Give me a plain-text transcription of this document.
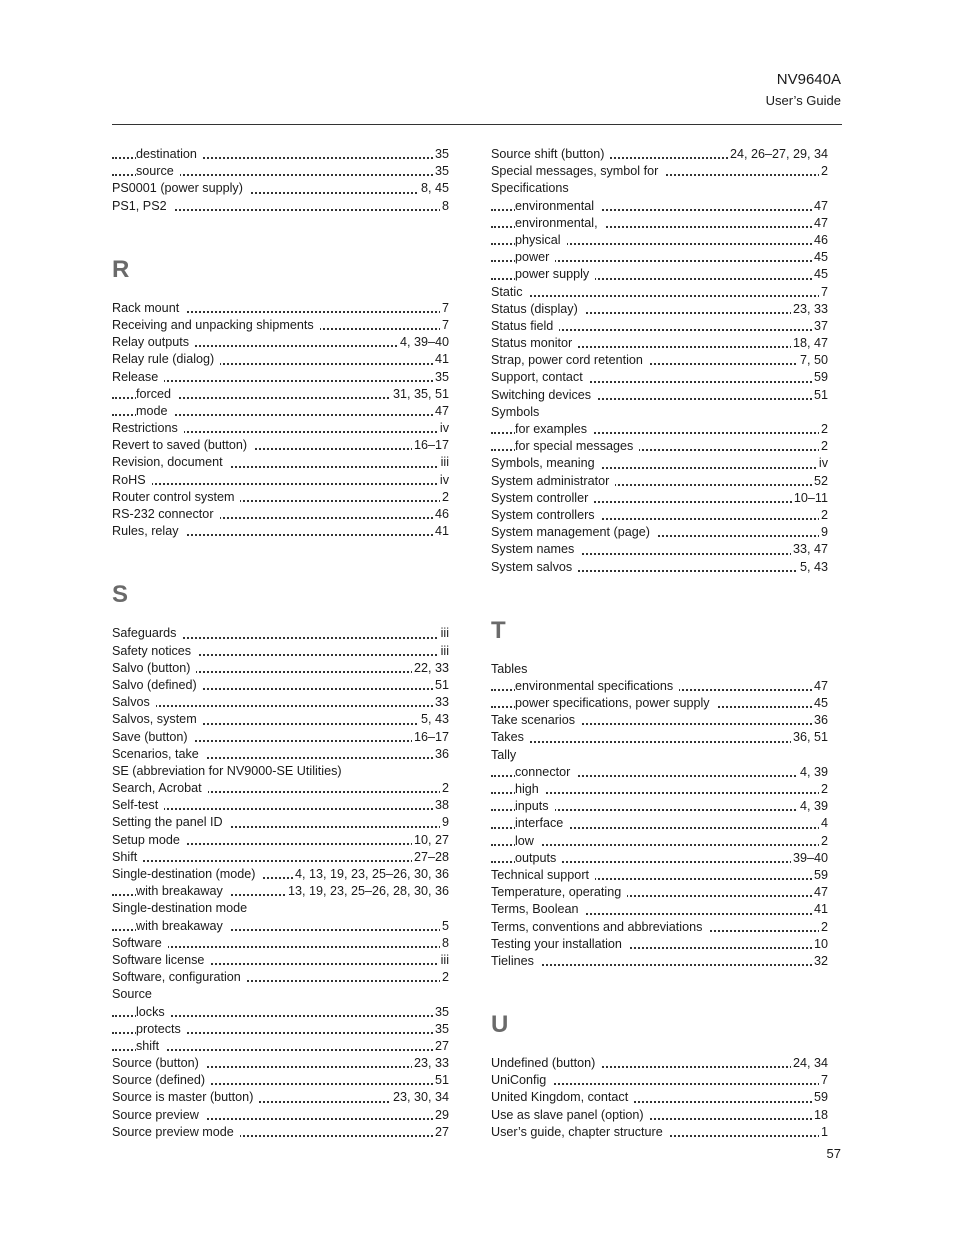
NV9640A
User’s Guide
destination	35
source	35
PS0001 (power supply)	8, 45
PS1, PS2	8
R
Rack mount	7
Receiving and unpacking shipments	7
Relay outputs	4, 39–40
Relay rule (dialog)	41
Release	35
forced	31, 35, 51
mode	47
Restrictions	iv
Revert to saved (button)	16–17
Revision, document	iii
RoHS	iv
Router control system	2
RS-232 connector	46
Rules, relay	41
S
Safeguards	iii
Safety notices	iii
Salvo (button)	22, 33
Salvo (defined)	51
Salvos	33
Salvos, system	5, 43
Save (button)	16–17
Scenarios, take	36
SE (abbreviation for NV9000-SE Utilities)
Search, Acrobat	2
Self-test	38
Setting the panel ID	9
Setup mode	10, 27
Shift	27–28
Single-destination (mode)	4, 13, 19, 23, 25–26, 30, 36
with breakaway	13, 19, 23, 25–26, 28, 30, 36
Single-destination mode
with breakaway	5
Software	8
Software license	iii
Software, configuration	2
Source
locks	35
protects	35
shift	27
Source (button)	23, 33
Source (defined)	51
Source is master (button)	23, 30, 34
Source preview	29
Source preview mode	27
Source shift (button)	24, 26–27, 29, 34
Special messages, symbol for	2
Specifications
environmental	47
environmental,	47
physical	46
power	45
power supply	45
Static	7
Status (display)	23, 33
Status field	37
Status monitor	18, 47
Strap, power cord retention	7, 50
Support, contact	59
Switching devices	51
Symbols
for examples	2
for special messages	2
Symbols, meaning	iv
System administrator	52
System controller	10–11
System controllers	2
System management (page)	9
System names	33, 47
System salvos	5, 43
T
Tables
environmental specifications	47
power specifications, power supply	45
Take scenarios	36
Takes	36, 51
Tally
connector	4, 39
high	2
inputs	4, 39
interface	4
low	2
outputs	39–40
Technical support	59
Temperature, operating	47
Terms, Boolean	41
Terms, conventions and abbreviations	2
Testing your installation	10
Tielines	32
U
Undefined (button)	24, 34
UniConfig	7
United Kingdom, contact	59
Use as slave panel (option)	18
User’s guide, chapter structure	1
57
